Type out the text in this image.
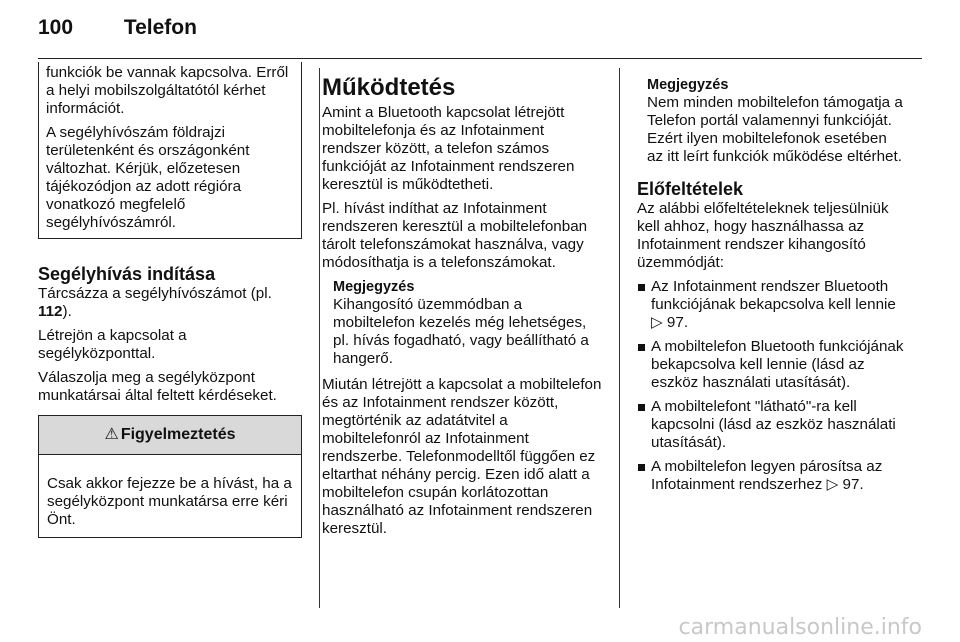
100 Telefon

funkciók be vannak kapcsolva. Erről a helyi mobilszolgáltatótól kérhet információt.

A segélyhívószám földrajzi területenként és országonként változhat. Kérjük, előzetesen tájékozódjon az adott régióra vonatkozó megfelelő segélyhívószámról.

Segélyhívás indítása

Tárcsázza a segélyhívószámot (pl. 112).

Létrejön a kapcsolat a segélyközponttal.

Válaszolja meg a segélyközpont munkatársai által feltett kérdéseket.

⚠ Figyelmeztetés
Csak akkor fejezze be a hívást, ha a segélyközpont munkatársa erre kéri Önt.
Működtetés

Amint a Bluetooth kapcsolat létrejött mobiltelefonja és az Infotainment rendszer között, a telefon számos funkcióját az Infotainment rendszeren keresztül is működtetheti.

Pl. hívást indíthat az Infotainment rendszeren keresztül a mobiltelefonban tárolt telefonszámokat használva, vagy módosíthatja is a telefonszámokat.

Megjegyzés
Kihangosító üzemmódban a mobiltelefon kezelés még lehetséges, pl. hívás fogadható, vagy beállítható a hangerő.

Miután létrejött a kapcsolat a mobiltelefon és az Infotainment rendszer között, megtörténik az adatátvitel a mobiltelefonról az Infotainment rendszerbe. Telefonmodelltől függően ez eltarthat néhány percig. Ezen idő alatt a mobiltelefon csupán korlátozottan használható az Infotainment rendszeren keresztül.

Megjegyzés
Nem minden mobiltelefon támogatja a Telefon portál valamennyi funkcióját. Ezért ilyen mobiltelefonok esetében az itt leírt funkciók működése eltérhet.
Előfeltételek

Az alábbi előfeltételeknek teljesülniük kell ahhoz, hogy használhassa az Infotainment rendszer kihangosító üzemmódját:

Az Infotainment rendszer Bluetooth funkciójának bekapcsolva kell lennie ▷ 97.
A mobiltelefon Bluetooth funkciójának bekapcsolva kell lennie (lásd az eszköz használati utasítását).
A mobiltelefont "látható"-ra kell kapcsolni (lásd az eszköz használati utasítását).
A mobiltelefon legyen párosítsa az Infotainment rendszerhez ▷ 97.
carmanualsonline.info
